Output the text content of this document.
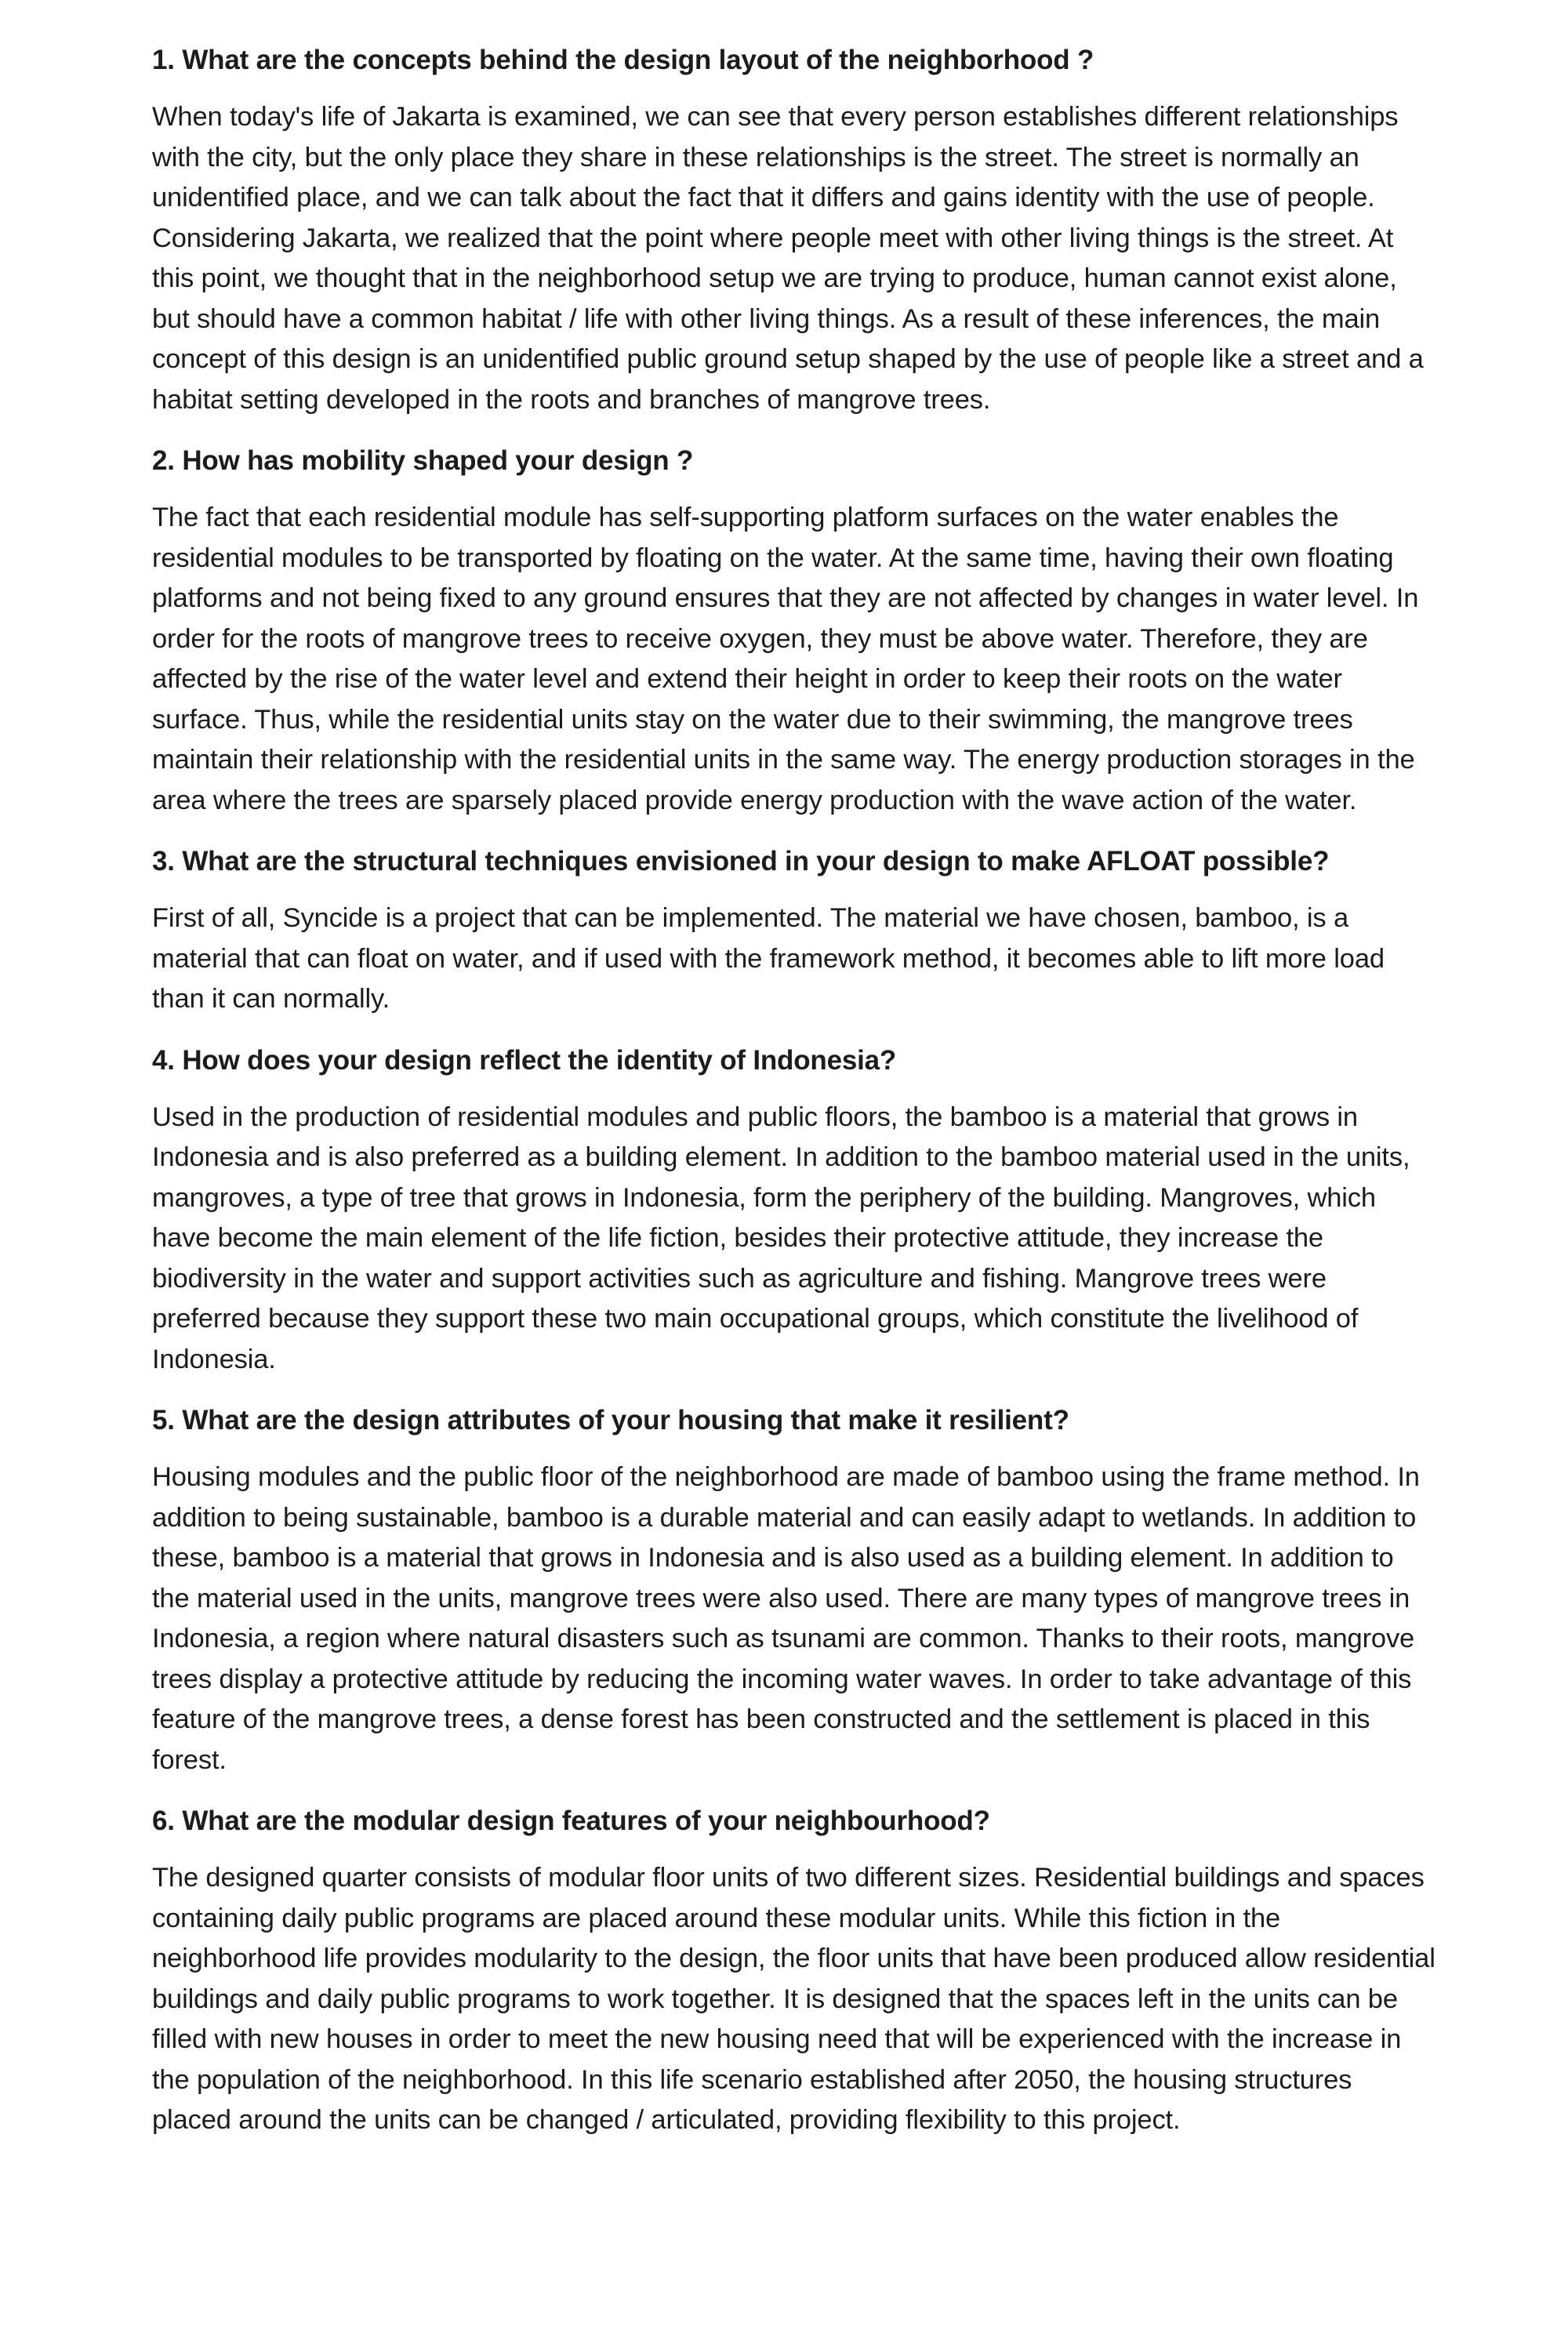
1. What are the concepts behind the design layout of the neighborhood ?

When today's life of Jakarta is examined, we can see that every person establishes different relationships with the city, but the only place they share in these relationships is the street. The street is normally an unidentified place, and we can talk about the fact that it differs and gains identity with the use of people. Considering Jakarta, we realized that the point where people meet with other living things is the street. At this point, we thought that in the neighborhood setup we are trying to produce, human cannot exist alone, but should have a common habitat / life with other living things. As a result of these inferences, the main concept of this design is an unidentified public ground setup shaped by the use of people like a street and a habitat setting developed in the roots and branches of mangrove trees.

2. How has mobility shaped your design ?

The fact that each residential module has self-supporting platform surfaces on the water enables the residential modules to be transported by floating on the water. At the same time, having their own floating platforms and not being fixed to any ground ensures that they are not affected by changes in water level. In order for the roots of mangrove trees to receive oxygen, they must be above water. Therefore, they are affected by the rise of the water level and extend their height in order to keep their roots on the water surface. Thus, while the residential units stay on the water due to their swimming, the mangrove trees maintain their relationship with the residential units in the same way. The energy production storages in the area where the trees are sparsely placed provide energy production with the wave action of the water.

3. What are the structural techniques envisioned in your design to make AFLOAT possible?

First of all, Syncide is a project that can be implemented. The material we have chosen, bamboo, is a material that can float on water, and if used with the framework method, it becomes able to lift more load than it can normally.

4. How does your design reflect the identity of Indonesia?

Used in the production of residential modules and public floors, the bamboo is a material that grows in Indonesia and is also preferred as a building element. In addition to the bamboo material used in the units, mangroves, a type of tree that grows in Indonesia, form the periphery of the building. Mangroves, which have become the main element of the life fiction, besides their protective attitude, they increase the biodiversity in the water and support activities such as agriculture and fishing. Mangrove trees were preferred because they support these two main occupational groups, which constitute the livelihood of Indonesia.

5. What are the design attributes of your housing that make it resilient?

Housing modules and the public floor of the neighborhood are made of bamboo using the frame method. In addition to being sustainable, bamboo is a durable material and can easily adapt to wetlands. In addition to these, bamboo is a material that grows in Indonesia and is also used as a building element. In addition to the material used in the units, mangrove trees were also used. There are many types of mangrove trees in Indonesia, a region where natural disasters such as tsunami are common. Thanks to their roots, mangrove trees display a protective attitude by reducing the incoming water waves. In order to take advantage of this feature of the mangrove trees, a dense forest has been constructed and the settlement is placed in this forest.

6. What are the modular design features of your neighbourhood?

The designed quarter consists of modular floor units of two different sizes. Residential buildings and spaces containing daily public programs are placed around these modular units. While this fiction in the neighborhood life provides modularity to the design, the floor units that have been produced allow residential buildings and daily public programs to work together. It is designed that the spaces left in the units can be filled with new houses in order to meet the new housing need that will be experienced with the increase in the population of the neighborhood. In this life scenario established after 2050, the housing structures placed around the units can be changed / articulated, providing flexibility to this project.
